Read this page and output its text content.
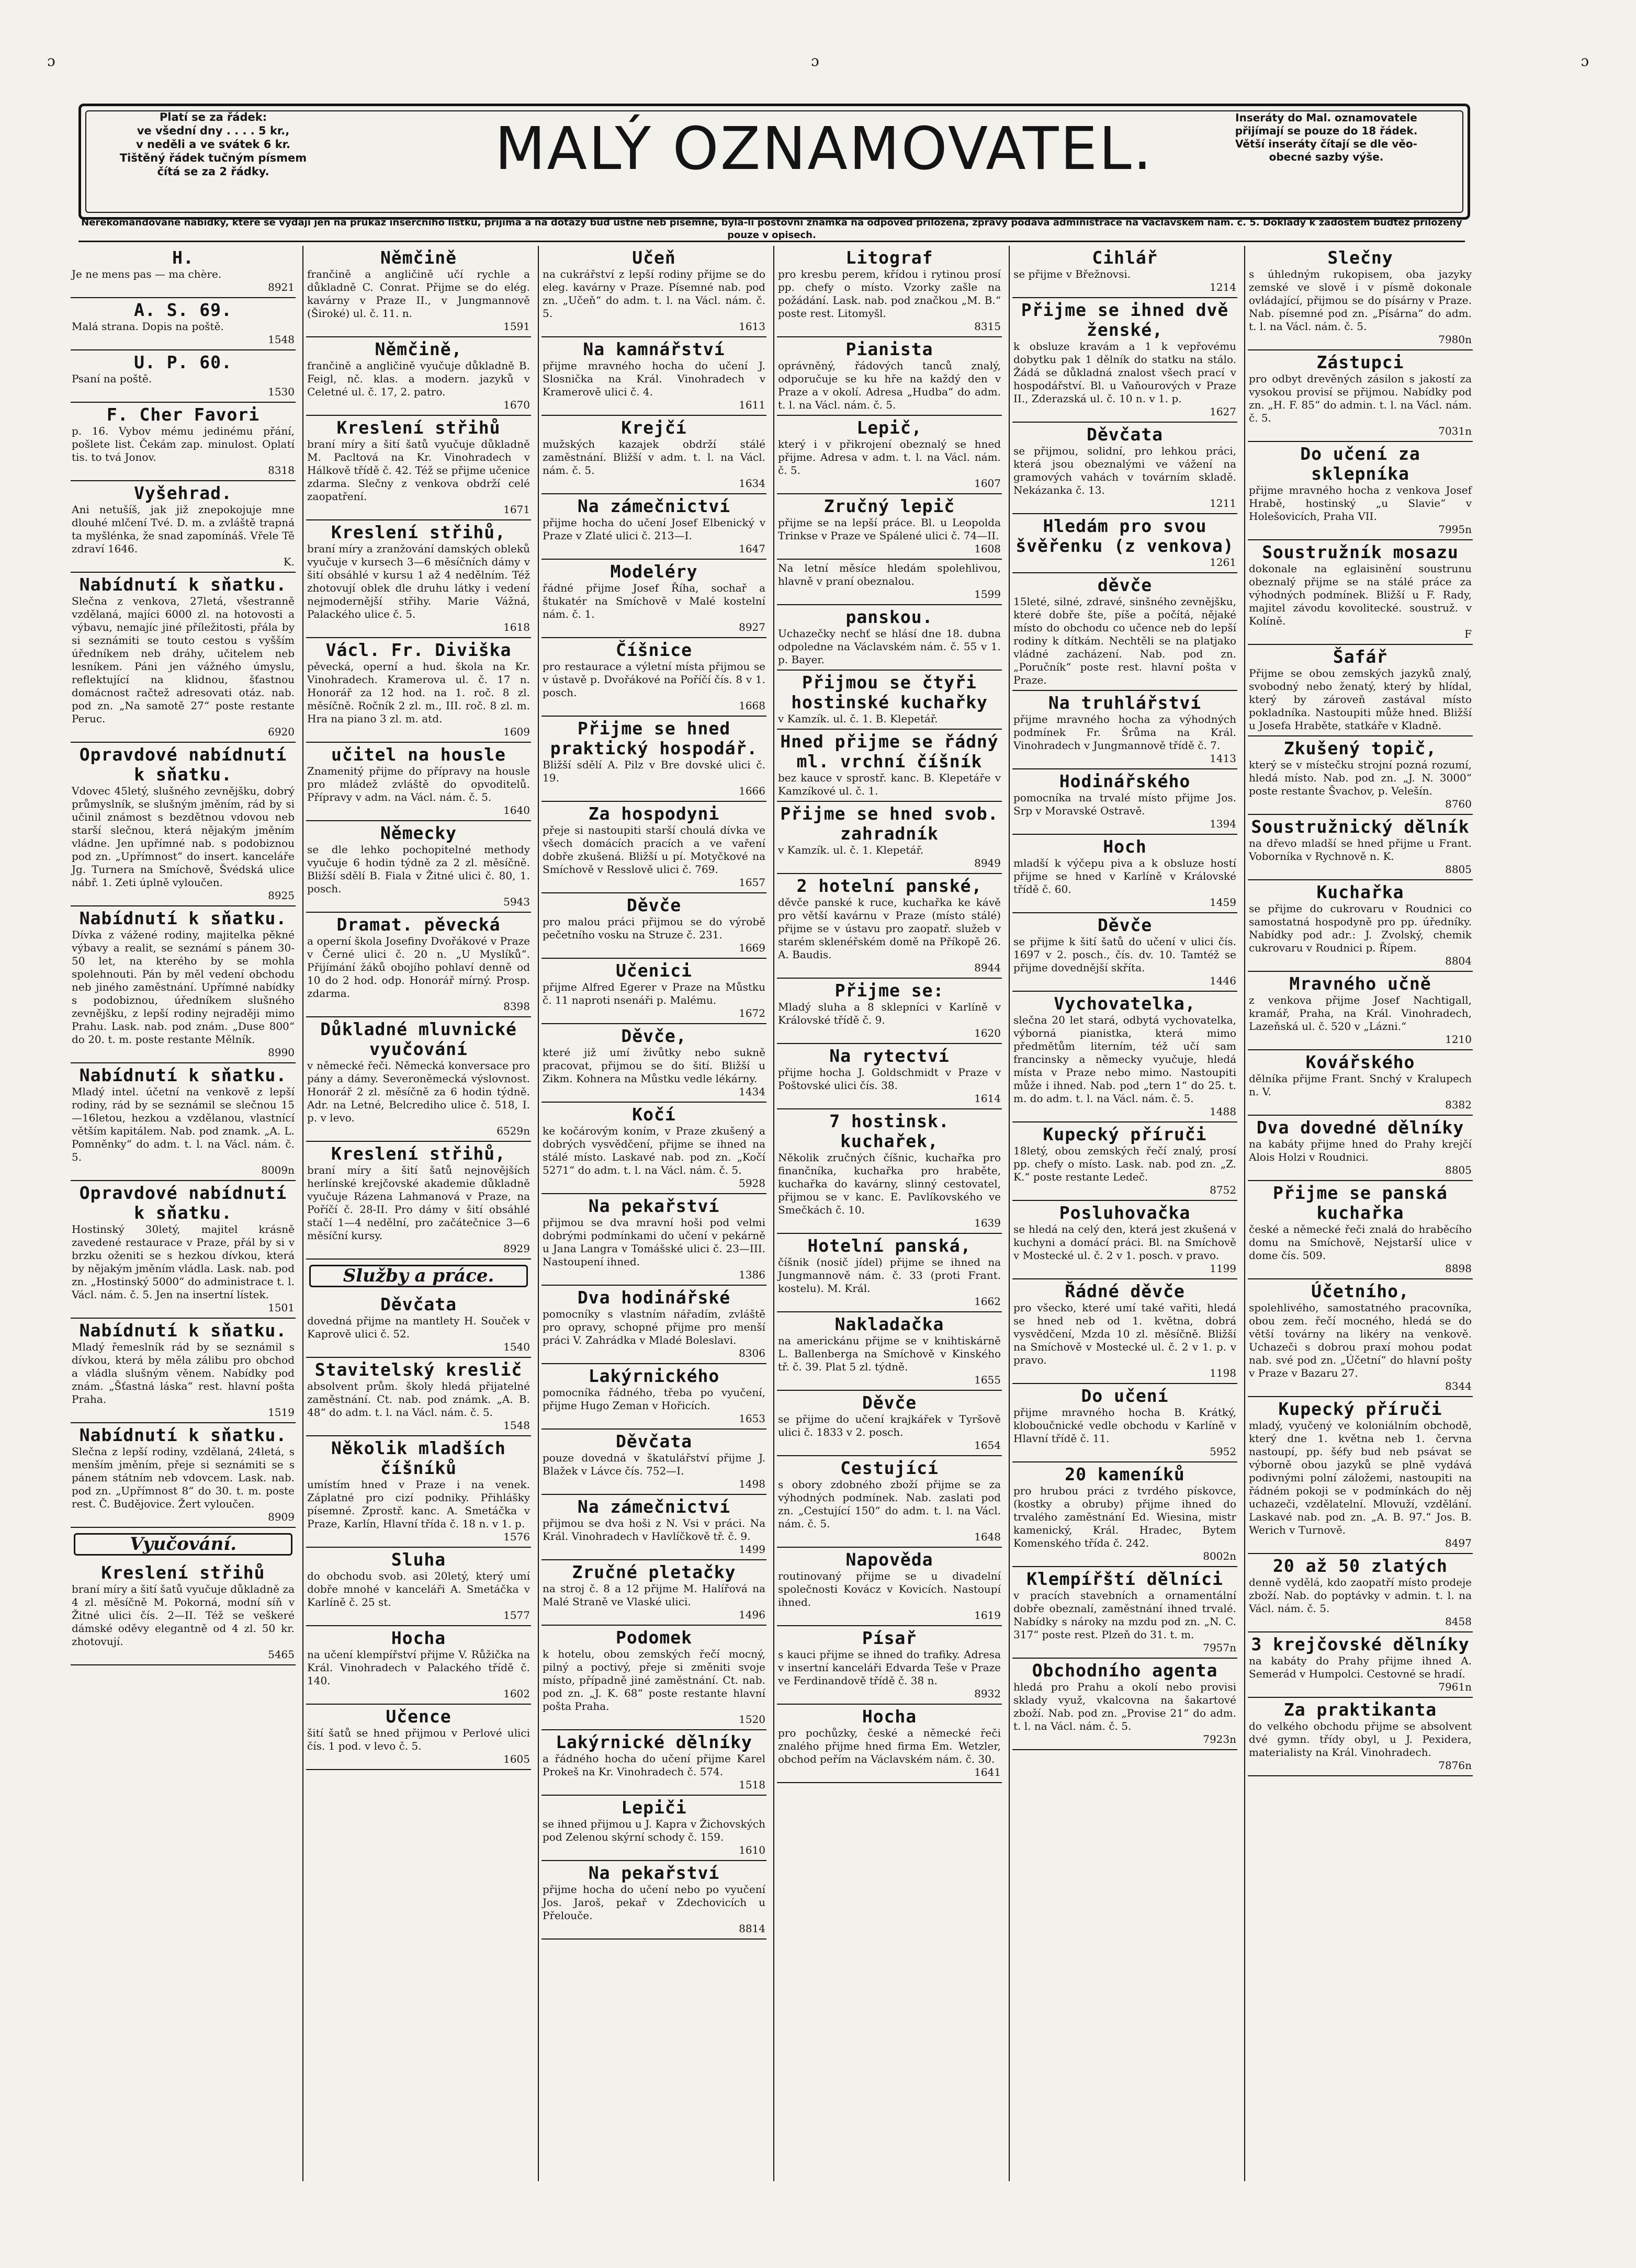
ɔ	ɔ	ɔ
Platí se za řádek:
ve všední dny . . . . 5 kr.,
v neděli a ve svátek 6 kr.
Tištěný řádek tučným písmem
čítá se za 2 řádky.	MALÝ OZNAMOVATEL.	Inseráty do Mal. oznamovatele
přijímají se pouze do 18 řádek.
Větší inseráty čítají se dle věo-
obecné sazby výše.
Nerekomandované nabídky, které se vydají jen na průkaz inserčního lístku, přijímá a na dotazy buď ústně neb písemně, byla-li poštovní známka na odpověď přiložena, zprávy podává administrace na Václavském nám. č. 5. Doklady k žádostem buďtež přiloženy pouze v opisech.
H.
Je ne mens pas — ma chère.
8921
A. S. 69.
Malá strana. Dopis na poště.
1548
U. P. 60.
Psaní na poště.
1530
F. Cher Favori
p. 16. Vybov mému jedinému přání, pošlete list. Čekám zap. minulost. Oplatí tis. to tvá Jonov.
8318
Vyšehrad.
Ani netušíš, jak již znepokojuje mne dlouhé mlčení Tvé. D. m. a zvláště trapná ta myšlénka, že snad zapomínáš. Vřele Tě zdraví 1646.
K.
Nabídnutí k sňatku.
Slečna z venkova, 27letá, všestranně vzdělaná, majíci 6000 zl. na hotovosti a výbavu, nemajíc jiné příležitosti, přála by si seznámiti se touto cestou s vyšším úředníkem neb dráhy, učitelem neb lesníkem. Páni jen vážného úmyslu, reflektující na klidnou, šťastnou domácnost račtež adresovati otáz. nab. pod zn. „Na samotě 27“ poste restante Peruc.
6920
Opravdové nabídnutí k sňatku.
Vdovec 45letý, slušného zevnějšku, dobrý průmyslník, se slušným jměním, rád by si učinil známost s bezdětnou vdovou neb starší slečnou, která nějakým jměním vládne. Jen upřímné nab. s podobiznou pod zn. „Upřímnost“ do insert. kanceláře Jg. Turnera na Smíchově, Švédská ulice nábř. 1. Zeti úplně vyloučen.
8925
Nabídnutí k sňatku.
Dívka z vážené rodiny, majitelka pěkné výbavy a realit, se seznámí s pánem 30-50 let, na kterého by se mohla spolehnouti. Pán by měl vedení obchodu neb jiného zaměstnání. Upřímné nabídky s podobiznou, úředníkem slušného zevnějšku, z lepší rodiny nejraději mimo Prahu. Lask. nab. pod znám. „Duse 800“ do 20. t. m. poste restante Mělník.
8990
Nabídnutí k sňatku.
Mladý intel. účetní na venkově z lepší rodiny, rád by se seznámil se slečnou 15—16letou, hezkou a vzdělanou, vlastnící větším kapitálem. Nab. pod znamk. „A. L. Pomněnky“ do adm. t. l. na Václ. nám. č. 5.
8009n
Opravdové nabídnutí k sňatku.
Hostinský 30letý, majitel krásně zavedené restaurace v Praze, přál by si v brzku oženiti se s hezkou dívkou, která by nějakým jměním vládla. Lask. nab. pod zn. „Hostinský 5000“ do administrace t. l. Václ. nám. č. 5. Jen na insertní lístek.
1501
Nabídnutí k sňatku.
Mladý řemeslník rád by se seznámil s dívkou, která by měla zálibu pro obchod a vládla slušným věnem. Nabídky pod znám. „Šťastná láska“ rest. hlavní pošta Praha.
1519
Nabídnutí k sňatku.
Slečna z lepší rodiny, vzdělaná, 24letá, s menším jměním, přeje si seznámiti se s pánem státním neb vdovcem. Lask. nab. pod zn. „Upřímnost 8“ do 30. t. m. poste rest. Č. Budějovice. Žert vyloučen.
8909
Vyučování.
Kreslení střihů
braní míry a šití šatů vyučuje důkladně za 4 zl. měsíčně M. Pokorná, modní síň v Žitné ulici čís. 2—II. Též se veškeré dámské oděvy elegantně od 4 zl. 50 kr. zhotovují.
5465
Němčině
frančině a angličině učí rychle a důkladně C. Conrat. Přijme se do elég. kavárny v Praze II., v Jungmannově (Široké) ul. č. 11. n.
1591
Němčině,
frančině a angličině vyučuje důkladně B. Feigl, nč. klas. a modern. jazyků v Celetné ul. č. 17, 2. patro.
1670
Kreslení střihů
braní míry a šití šatů vyučuje důkladně M. Pacltová na Kr. Vinohradech v Hálkově třídě č. 42. Též se přijme učenice zdarma. Slečny z venkova obdrží celé zaopatření.
1671
Kreslení střihů,
braní míry a zranžování damských obleků vyučuje v kursech 3—6 měsíčních dámy v šití obsáhlé v kursu 1 až 4 nedělním. Též zhotovují oblek dle druhu látky i vedení nejmodernější střihy. Marie Vážná, Palackého ulice č. 5.
1618
Václ. Fr. Diviška
pěvecká, operní a hud. škola na Kr. Vinohradech. Kramerova ul. č. 17 n. Honorář za 12 hod. na 1. roč. 8 zl. měsíčně. Ročník 2 zl. m., III. roč. 8 zl. m. Hra na piano 3 zl. m. atd.
1609
učitel na housle
Znamenitý přijme do přípravy na housle pro mládež zvláště do opvoditelů. Přípravy v adm. na Václ. nám. č. 5.
1640
Německy
se dle lehko pochopitelné methody vyučuje 6 hodin týdně za 2 zl. měsíčně. Bližší sdělí B. Fiala v Žitné ulici č. 80, 1. posch.
5943
Dramat. pěvecká
a operní škola Josefiny Dvořákové v Praze v Černé ulici č. 20 n. „U Myslíků“. Přijímání žáků obojího pohlaví denně od 10 do 2 hod. odp. Honorář mírný. Prosp. zdarma.
8398
Důkladné mluvnické vyučování
v německé řeči. Německá konversace pro pány a dámy. Severoněmecká výslovnost. Honorář 2 zl. měsíčně za 6 hodin týdně. Adr. na Letné, Belcrediho ulice č. 518, I. p. v levo.
6529n
Kreslení střihů,
braní míry a šití šatů nejnovějších herlínské krejčovské akademie důkladně vyučuje Rázena Lahmanová v Praze, na Poříčí č. 28-II. Pro dámy v šití obsáhlé stačí 1—4 nedělní, pro začátečnice 3—6 měsíční kursy.
8929
Služby a práce.
Děvčata
dovedná přijme na mantlety H. Souček v Kaprově ulici č. 52.
1540
Stavitelský kreslič
absolvent prům. školy hledá přijatelné zaměstnání. Ct. nab. pod známk. „A. B. 48“ do adm. t. l. na Václ. nám. č. 5.
1548
Několik mladších číšníků
umístím hned v Praze i na venek. Záplatné pro cizí podniky. Přihlášky písemné. Zprostř. kanc. A. Smetáčka v Praze, Karlín, Hlavní třída č. 18 n. v 1. p.
1576
Sluha
do obchodu svob. asi 20letý, který umí dobře mnohé v kanceláři A. Smetáčka v Karlíně č. 25 st.
1577
Hocha
na učení klempířství přijme V. Růžička na Král. Vinohradech v Palackého třídě č. 140.
1602
Učence
šití šatů se hned přijmou v Perlové ulici čís. 1 pod. v levo č. 5.
1605
Učeň
na cukrářství z lepší rodiny přijme se do eleg. kavárny v Praze. Písemné nab. pod zn. „Učeň“ do adm. t. l. na Václ. nám. č. 5.
1613
Na kamnářství
přijme mravného hocha do učení J. Slosnička na Král. Vinohradech v Kramerově ulici č. 4.
1611
Krejčí
mužských kazajek obdrží stálé zaměstnání. Bližší v adm. t. l. na Václ. nám. č. 5.
1634
Na zámečnictví
přijme hocha do učení Josef Elbenický v Praze v Zlaté ulici č. 213—I.
1647
Modeléry
řádné přijme Josef Říha, sochař a štukatér na Smíchově v Malé kostelní nám. č. 1.
8927
Číšnice
pro restaurace a výletní místa přijmou se v ústavě p. Dvořákové na Poříčí čís. 8 v 1. posch.
1668
Přijme se hned praktický hospodář.
Bližší sdělí A. Pilz v Bre dovské ulici č. 19.
1666
Za hospodyni
přeje si nastoupiti starší choulá dívka ve všech domácích pracích a ve vaření dobře zkušená. Bližší u pí. Motyčkové na Smíchově v Resslově ulici č. 769.
1657
Děvče
pro malou práci přijmou se do výrobě pečetního vosku na Struze č. 231.
1669
Učenici
přijme Alfred Egerer v Praze na Můstku č. 11 naproti nsenáři p. Malému.
1672
Děvče,
které již umí živůtky nebo sukně pracovat, přijmou se do šití. Bližší u Zikm. Kohnera na Můstku vedle lékárny.
1434
Kočí
ke kočárovým koním, v Praze zkušený a dobrých vysvědčení, přijme se ihned na stálé místo. Laskavé nab. pod zn. „Kočí 5271“ do adm. t. l. na Václ. nám. č. 5.
5928
Na pekařství
přijmou se dva mravní hoši pod velmi dobrými podmínkami do učení v pekárně u Jana Langra v Tomášské ulici č. 23—III. Nastoupení ihned.
1386
Dva hodinářské
pomocníky s vlastním nářadím, zvláště pro opravy, schopné přijme pro menší práci V. Zahrádka v Mladé Boleslavi.
8306
Lakýrnického
pomocníka řádného, třeba po vyučení, přijme Hugo Zeman v Hořicích.
1653
Děvčata
pouze dovedná v škatulářství přijme J. Blažek v Lávce čís. 752—I.
1498
Na zámečnictví
přijmou se dva hoši z N. Vsi v práci. Na Král. Vinohradech v Havlíčkově tř. č. 9.
1499
Zručné pletačky
na stroj č. 8 a 12 přijme M. Halířová na Malé Straně ve Vlaské ulici.
1496
Podomek
k hotelu, obou zemských řečí mocný, pilný a poctivý, přeje si změniti svoje místo, případně jiné zaměstnání. Ct. nab. pod zn. „J. K. 68“ poste restante hlavní pošta Praha.
1520
Lakýrnické dělníky
a řádného hocha do učení přijme Karel Prokeš na Kr. Vinohradech č. 574.
1518
Lepiči
se ihned přijmou u J. Kapra v Žichovských pod Zelenou skýrní schody č. 159.
1610
Na pekařství
přijme hocha do učení nebo po vyučení Jos. Jaroš, pekař v Zdechovicích u Přelouče.
8814
Litograf
pro kresbu perem, křídou i rytinou prosí pp. chefy o místo. Vzorky zašle na požádání. Lask. nab. pod značkou „M. B.“ poste rest. Litomyšl.
8315
Pianista
oprávněný, řádových tanců znalý, odporučuje se ku hře na každý den v Praze a v okolí. Adresa „Hudba“ do adm. t. l. na Václ. nám. č. 5.
Lepič,
který i v přikrojení obeznalý se hned přijme. Adresa v adm. t. l. na Václ. nám. č. 5.
1607
Zručný lepič
přijme se na lepší práce. Bl. u Leopolda Trinkse v Praze ve Spálené ulici č. 74—II.
1608
Na letní měsíce hledám spolehlivou, hlavně v praní obeznalou.
1599
panskou.
Uchazečky nechť se hlásí dne 18. dubna odpoledne na Václavském nám. č. 55 v 1. p. Bayer.
Přijmou se čtyři hostinské kuchařky
v Kamzík. ul. č. 1. B. Klepetář.
Hned přijme se řádný ml. vrchní číšník
bez kauce v sprostř. kanc. B. Klepetáře v Kamzíkové ul. č. 1.
Přijme se hned svob. zahradník
v Kamzík. ul. č. 1. Klepetář.
8949
2 hotelní panské,
děvče panské k ruce, kuchařka ke kávě pro větší kavárnu v Praze (místo stálé) přijme se v ústavu pro zaopatř. služeb v starém sklenéřském domě na Příkopě 26. A. Baudis.
8944
Přijme se:
Mladý sluha a 8 sklepníci v Karlíně v Královské třídě č. 9.
1620
Na rytectví
přijme hocha J. Goldschmidt v Praze v Poštovské ulici čís. 38.
1614
7 hostinsk. kuchařek,
Několik zručných číšnic, kuchařka pro finančníka, kuchařka pro hraběte, kuchařka do kavárny, slinný cestovatel, přijmou se v kanc. E. Pavlíkovského ve Smečkách č. 10.
1639
Hotelní panská,
číšnik (nosič jídel) přijme se ihned na Jungmannově nám. č. 33 (proti Frant. kostelu). M. Král.
1662
Nakladačka
na americkánu přijme se v knihtiskárně L. Ballenberga na Smíchově v Kinského tř. č. 39. Plat 5 zl. týdně.
1655
Děvče
se přijme do učení krajkářek v Tyršově ulici č. 1833 v 2. posch.
1654
Cestující
s obory zdobného zboží přijme se za výhodných podmínek. Nab. zaslati pod zn. „Cestující 150“ do adm. t. l. na Václ. nám. č. 5.
1648
Napověda
routinovaný přijme se u divadelní společnosti Kovácz v Kovicích. Nastoupí ihned.
1619
Písař
s kauci přijme se ihned do trafiky. Adresa v insertní kanceláři Edvarda Teše v Praze ve Ferdinandově třídě č. 38 n.
8932
Hocha
pro pochůzky, české a německé řeči znalého přijme hned firma Em. Wetzler, obchod peřím na Václavském nám. č. 30.
1641
Cihlář
se přijme v Břežnovsi.
1214
Přijme se ihned dvě ženské,
k obsluze kravám a 1 k vepřovému dobytku pak 1 dělník do statku na stálo. Žádá se důkladná znalost všech prací v hospodářství. Bl. u Vaňourových v Praze II., Zderazská ul. č. 10 n. v 1. p.
1627
Děvčata
se přijmou, solidní, pro lehkou práci, která jsou obeznalými ve vážení na gramových vahách v továrním skladě. Nekázanka č. 13.
1211
Hledám pro svou švěřenku (z venkova)
1261
děvče
15leté, silné, zdravé, sinšného zevnějšku, které dobře šte, píše a počítá, nějaké místo do obchodu co učence neb do lepší rodiny k dítkám. Nechtěli se na platjako vládné zacházení. Nab. pod zn. „Poručník“ poste rest. hlavní pošta v Praze.
Na truhlářství
přijme mravného hocha za výhodných podmínek Fr. Šrůma na Král. Vinohradech v Jungmannově třídě č. 7.
1413
Hodinářského
pomocníka na trvalé místo přijme Jos. Srp v Moravské Ostravě.
1394
Hoch
mladší k výčepu piva a k obsluze hostí přijme se hned v Karlíně v Královské třídě č. 60.
1459
Děvče
se přijme k šití šatů do učení v ulici čís. 1697 v 2. posch., čís. dv. 10. Tamtéž se přijme dovednější skříta.
1446
Vychovatelka,
slečna 20 let stará, odbytá vychovatelka, výborná pianistka, která mimo předmětům literním, též učí sam francinsky a německy vyučuje, hledá místa v Praze nebo mimo. Nastoupiti může i ihned. Nab. pod „tern 1“ do 25. t. m. do adm. t. l. na Václ. nám. č. 5.
1488
Kupecký příruči
18letý, obou zemských řečí znalý, prosí pp. chefy o místo. Lask. nab. pod zn. „Z. K.“ poste restante Ledeč.
8752
Posluhovačka
se hledá na celý den, která jest zkušená v kuchyni a domácí práci. Bl. na Smíchově v Mostecké ul. č. 2 v 1. posch. v pravo.
1199
Řádné děvče
pro všecko, které umí také vařiti, hledá se hned neb od 1. května, dobrá vysvědčení, Mzda 10 zl. měsíčně. Bližší na Smíchově v Mostecké ul. č. 2 v 1. p. v pravo.
1198
Do učení
přijme mravného hocha B. Krátký, kloboučnické vedle obchodu v Karlíně v Hlavní třídě č. 11.
5952
20 kameníků
pro hrubou práci z tvrdého pískovce, (kostky a obruby) přijme ihned do trvalého zaměstnání Ed. Wiesina, mistr kamenický, Král. Hradec, Bytem Komenského třída č. 242.
8002n
Klempířští dělníci
v pracích stavebních a ornamentální dobře obeznalí, zaměstnání ihned trvalé. Nabídky s nároky na mzdu pod zn. „N. C. 317“ poste rest. Plzeň do 31. t. m.
7957n
Obchodního agenta
hledá pro Prahu a okolí nebo provisi sklady využ, vkalcovna na šakartové zboží. Nab. pod zn. „Provise 21“ do adm. t. l. na Václ. nám. č. 5.
7923n
Slečny
s úhledným rukopisem, oba jazyky zemské ve slově i v písmě dokonale ovládající, přijmou se do písárny v Praze. Nab. písemné pod zn. „Písárna“ do adm. t. l. na Václ. nám. č. 5.
7980n
Zástupci
pro odbyt drevěných zásilon s jakostí za vysokou provisí se přijmou. Nabídky pod zn. „H. F. 85“ do admin. t. l. na Václ. nám. č. 5.
7031n
Do učení za sklepníka
přijme mravného hocha z venkova Josef Hrabě, hostinský „u Slavie“ v Holešovicích, Praha VII.
7995n
Soustružník mosazu
dokonale na eglaisinění soustrunu obeznalý přijme se na stálé práce za výhodných podmínek. Bližší u F. Rady, majitel závodu kovolitecké. soustruž. v Kolíně.
F
Šafář
Přijme se obou zemských jazyků znalý, svobodný nebo ženatý, který by hlídal, který by zároveň zastával místo pokladníka. Nastoupiti může hned. Bližší u Josefa Hraběte, statkáře v Kladně.
Zkušený topič,
který se v místečku strojní pozná rozumí, hledá místo. Nab. pod zn. „J. N. 3000“ poste restante Švachov, p. Velešín.
8760
Soustružnický dělník
na dřevo mladší se hned přijme u Frant. Voborníka v Rychnově n. K.
8805
Kuchařka
se přijme do cukrovaru v Roudnici co samostatná hospodyně pro pp. úředníky. Nabídky pod adr.: J. Zvolský, chemik cukrovaru v Roudnici p. Řípem.
8804
Mravného učně
z venkova přijme Josef Nachtigall, kramář, Praha, na Král. Vinohradech, Lazeňská ul. č. 520 v „Lázni.“
1210
Kovářského
dělníka přijme Frant. Snchý v Kralupech n. V.
8382
Dva dovedné dělníky
na kabáty přijme hned do Prahy krejčí Alois Holzi v Roudnici.
8805
Přijme se panská kuchařka
české a německé řeči znalá do hraběcího domu na Smíchově, Nejstarší ulice v dome čís. 509.
8898
Účetního,
spolehlivého, samostatného pracovníka, obou zem. řečí mocného, hledá se do větší továrny na likéry na venkově. Uchazeči s dobrou praxí mohou podat nab. své pod zn. „Účetní“ do hlavní pošty v Praze v Bazaru 27.
8344
Kupecký příruči
mladý, vyučený ve koloniálním obchodě, který dne 1. května neb 1. června nastoupí, pp. šéfy bud neb psávat se výborně obou jazyků se plně vydává podivnými polní záložemi, nastoupiti na řádném pokoji se v podmínkách do něj uchazeči, vzdělatelní. Mlovuží, vzdělání. Laskavé nab. pod zn. „A. B. 97.“ Jos. B. Werich v Turnově.
8497
20 až 50 zlatých
denně vydělá, kdo zaopatří místo prodeje zboží. Nab. do poptávky v admin. t. l. na Václ. nám. č. 5.
8458
3 krejčovské dělníky
na kabáty do Prahy přijme ihned A. Semerád v Humpolci. Cestovné se hradí.
7961n
Za praktikanta
do velkého obchodu přijme se absolvent dvé gymn. třídy obyl, u J. Pexidera, materialisty na Král. Vinohradech.
7876n
